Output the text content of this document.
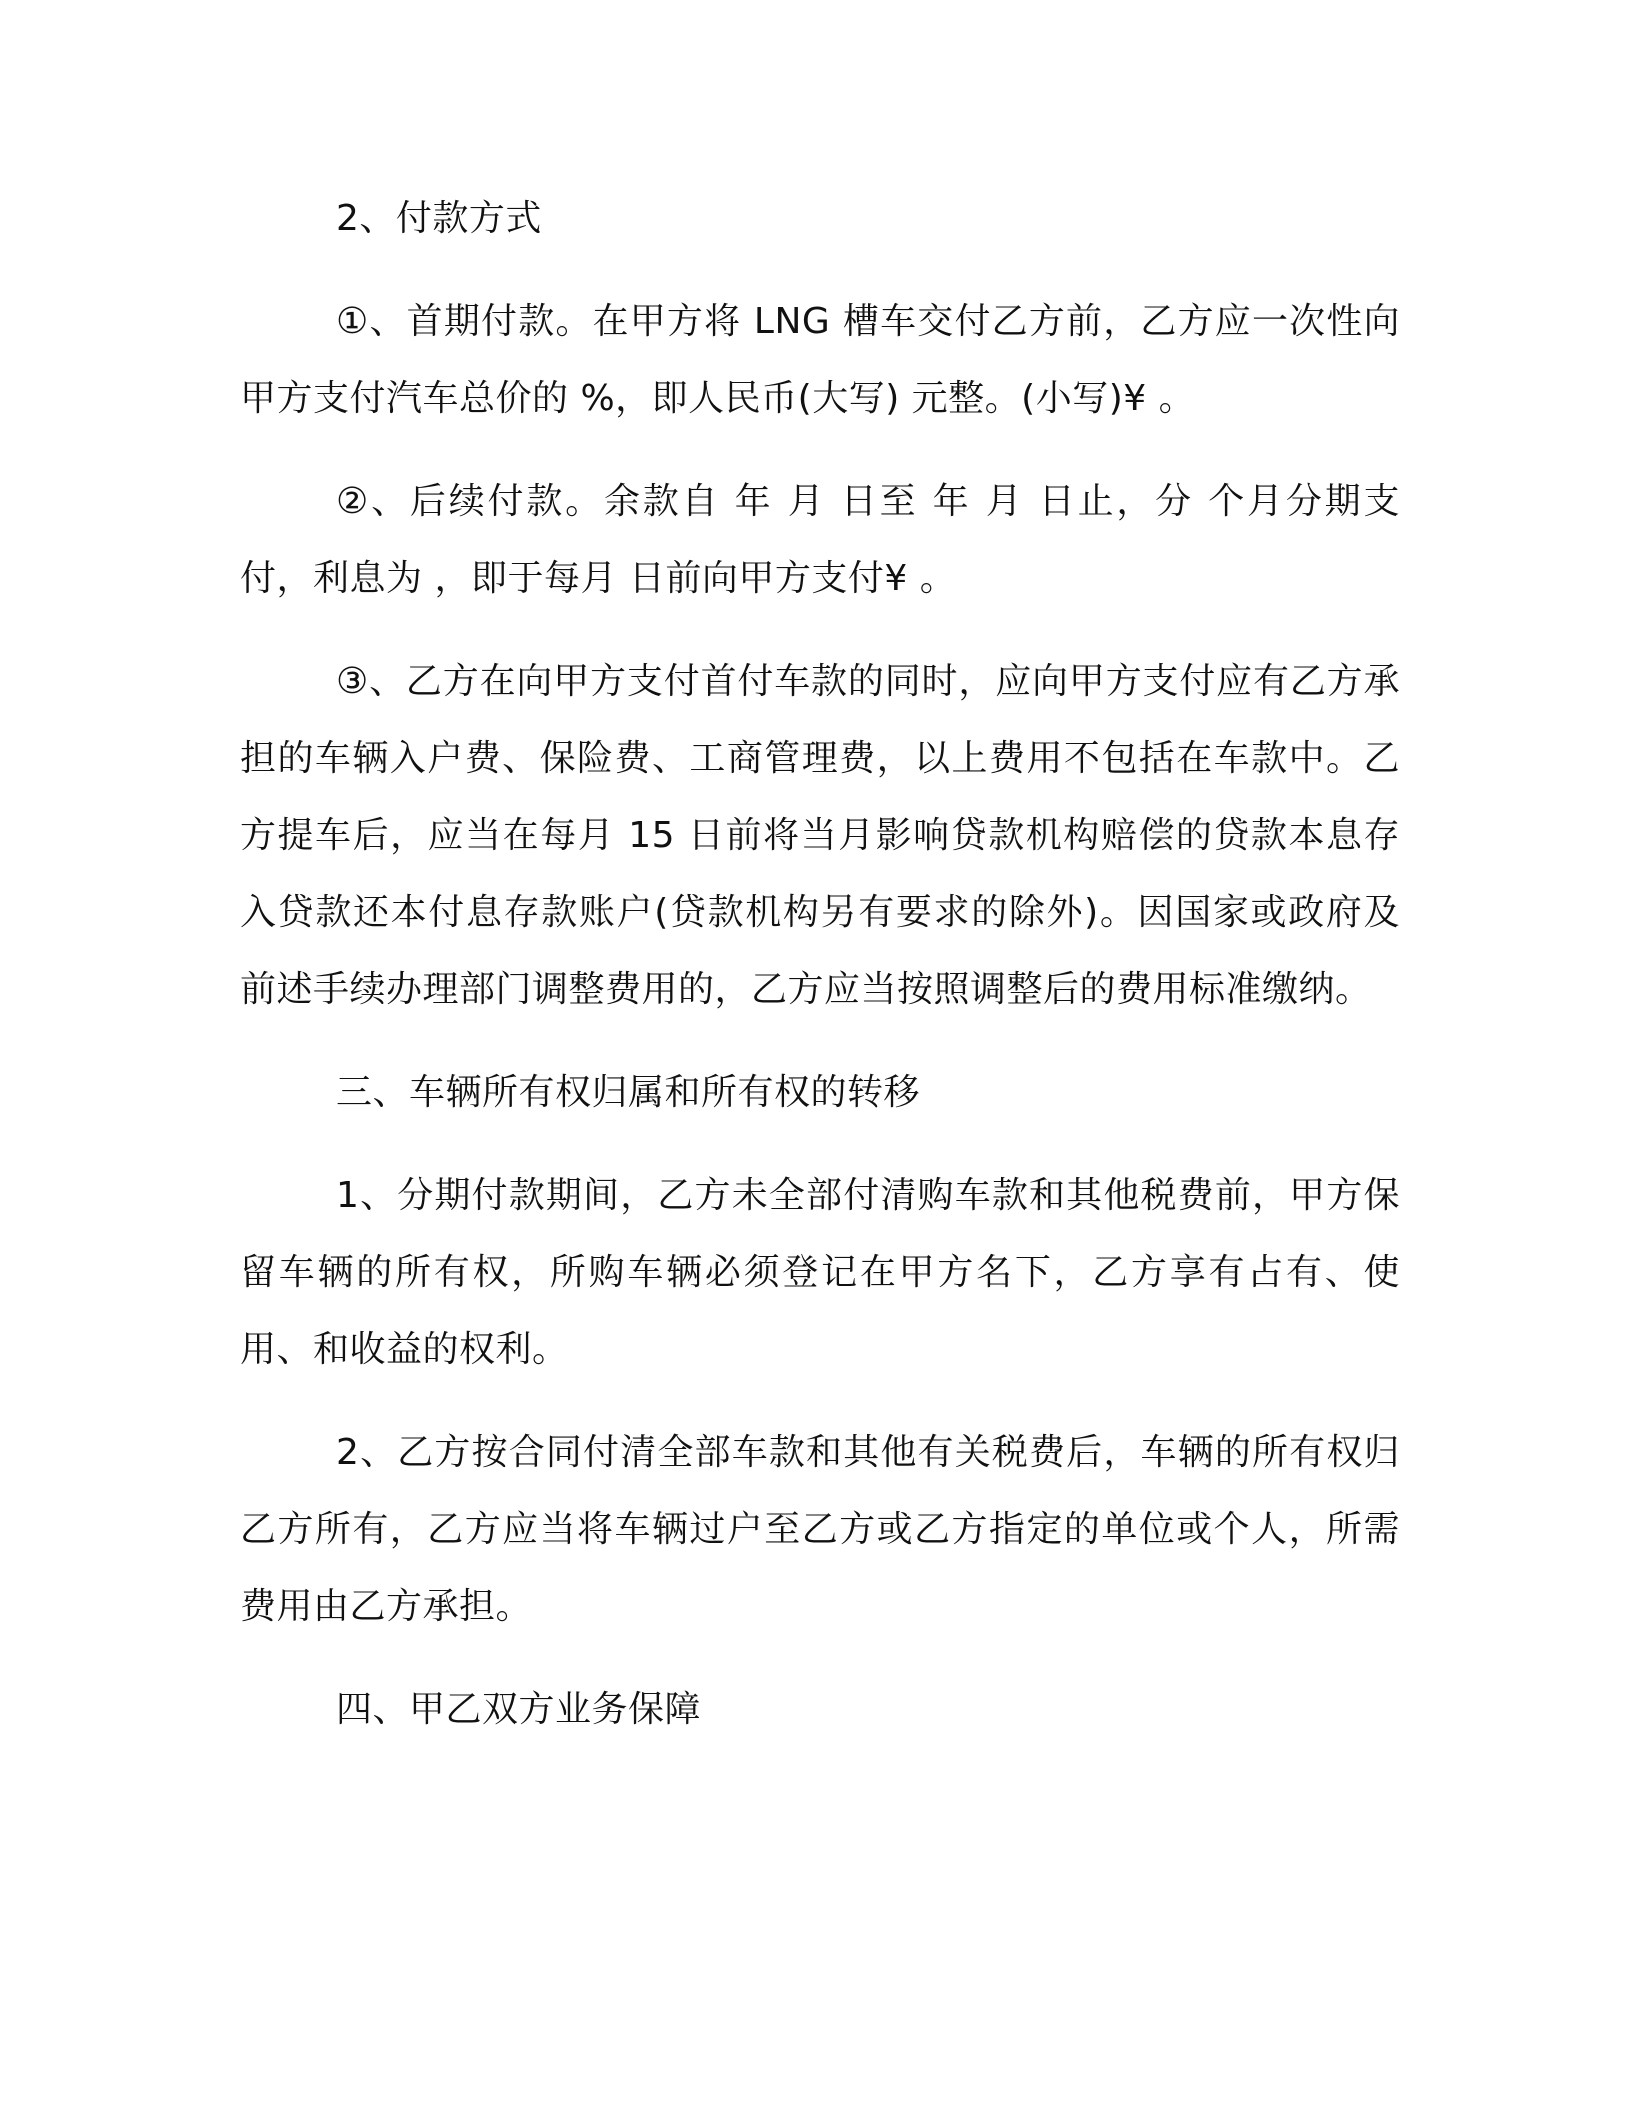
2、付款方式

①、首期付款。在甲方将 LNG 槽车交付乙方前，乙方应一次性向甲方支付汽车总价的 %，即人民币(大写) 元整。(小写)¥ 。

②、后续付款。余款自 年 月 日至 年 月 日止，分 个月分期支付，利息为 ，即于每月 日前向甲方支付¥ 。

③、乙方在向甲方支付首付车款的同时，应向甲方支付应有乙方承担的车辆入户费、保险费、工商管理费，以上费用不包括在车款中。乙方提车后，应当在每月 15 日前将当月影响贷款机构赔偿的贷款本息存入贷款还本付息存款账户(贷款机构另有要求的除外)。因国家或政府及前述手续办理部门调整费用的，乙方应当按照调整后的费用标准缴纳。

三、车辆所有权归属和所有权的转移

1、分期付款期间，乙方未全部付清购车款和其他税费前，甲方保留车辆的所有权，所购车辆必须登记在甲方名下，乙方享有占有、使用、和收益的权利。

2、乙方按合同付清全部车款和其他有关税费后，车辆的所有权归乙方所有，乙方应当将车辆过户至乙方或乙方指定的单位或个人，所需费用由乙方承担。

四、甲乙双方业务保障
